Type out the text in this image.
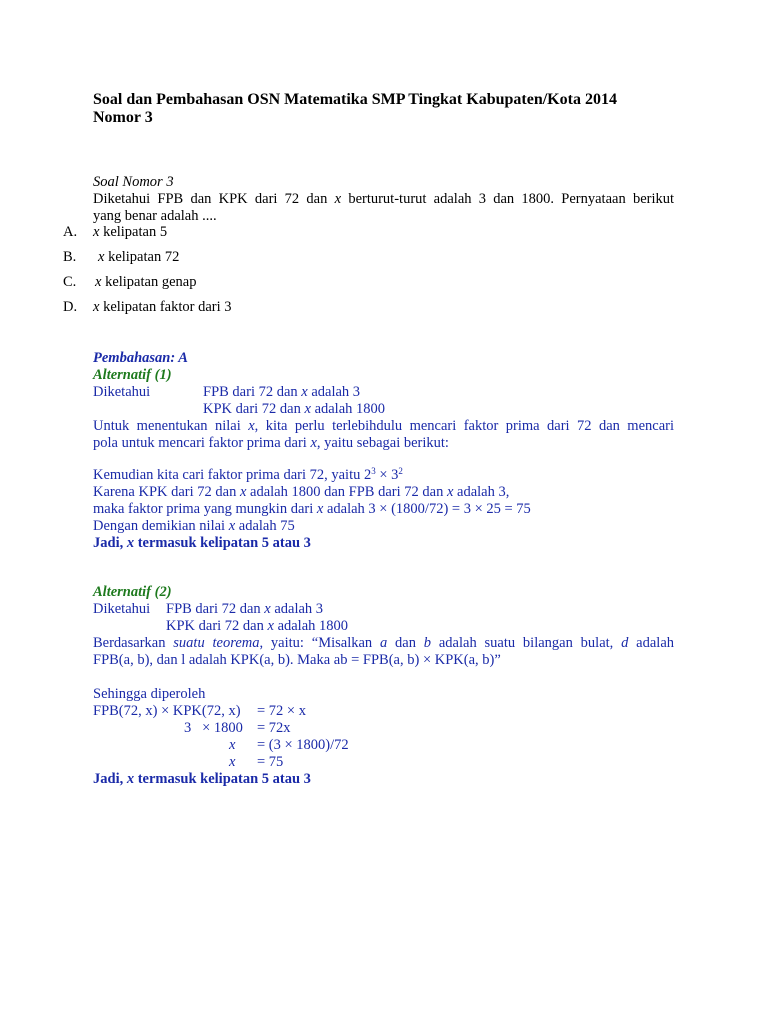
Soal dan Pembahasan OSN Matematika SMP Tingkat Kabupaten/Kota 2014
Nomor 3
Soal Nomor 3
Diketahui FPB dan KPK dari 72 dan x berturut-turut adalah 3 dan 1800. Pernyataan berikut
yang benar adalah ....
A. x kelipatan 5
B. x kelipatan 72
C. x kelipatan genap
D. x kelipatan faktor dari 3
Pembahasan: A
Alternatif (1)
Diketahui	FPB dari 72 dan x adalah 3
KPK dari 72 dan x adalah 1800
Untuk menentukan nilai x, kita perlu terlebihdulu mencari faktor prima dari 72 dan mencari
pola untuk mencari faktor prima dari x, yaitu sebagai berikut:
Kemudian kita cari faktor prima dari 72, yaitu $2^3 \times 3^2$
Karena KPK dari 72 dan x adalah 1800 dan FPB dari 72 dan x adalah 3,
maka faktor prima yang mungkin dari x adalah 3 × (1800/72) = 3 × 25 = 75
Dengan demikian nilai x adalah 75
Jadi, x termasuk kelipatan 5 atau 3
Alternatif (2)
Diketahui FPB dari 72 dan x adalah 3
KPK dari 72 dan x adalah 1800
Berdasarkan suatu teorema, yaitu: “Misalkan a dan b adalah suatu bilangan bulat, d adalah
FPB(a, b), dan l adalah KPK(a, b). Maka ab = FPB(a, b) × KPK(a, b)”
Sehingga diperoleh
FPB(72, x) × KPK(72, x) = 72 × x
3   × 1800 = 72x
x = (3 × 1800)/72
x = 75
Jadi, x termasuk kelipatan 5 atau 3
